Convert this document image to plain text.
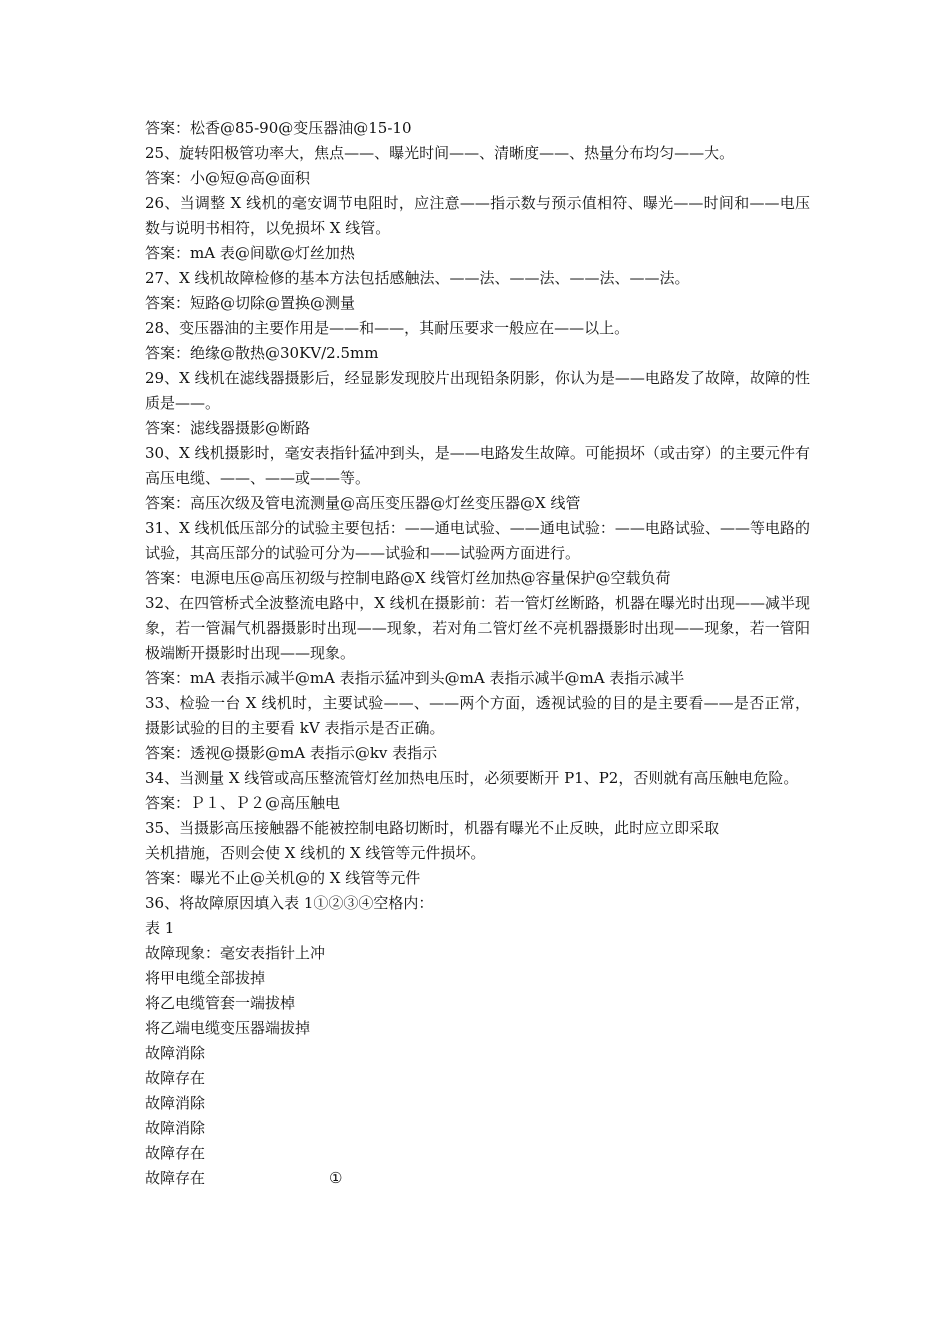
答案：松香@85-90@变压器油@15-10
25、旋转阳极管功率大，焦点——、曝光时间——、清晰度——、热量分布均匀——大。
答案：小@短@高@面积
26、当调整 X 线机的毫安调节电阻时，应注意——指示数与预示值相符、曝光——时间和——电压数与说明书相符，以免损坏 X 线管。
答案：mA 表@间歇@灯丝加热
27、X 线机故障检修的基本方法包括感触法、——法、——法、——法、——法。
答案：短路@切除@置换@测量
28、变压器油的主要作用是——和——，其耐压要求一般应在——以上。
答案：绝缘@散热@30KV/2.5mm
29、X 线机在滤线器摄影后，经显影发现胶片出现铅条阴影，你认为是——电路发了故障，故障的性质是——。
答案：滤线器摄影@断路
30、X 线机摄影时，毫安表指针猛冲到头，是——电路发生故障。可能损坏（或击穿）的主要元件有高压电缆、——、——或——等。
答案：高压次级及管电流测量@高压变压器@灯丝变压器@X 线管
31、X 线机低压部分的试验主要包括：——通电试验、——通电试验：——电路试验、——等电路的试验，其高压部分的试验可分为——试验和——试验两方面进行。
答案：电源电压@高压初级与控制电路@X 线管灯丝加热@容量保护@空载负荷
32、在四管桥式全波整流电路中，X 线机在摄影前：若一管灯丝断路，机器在曝光时出现——减半现象，若一管漏气机器摄影时出现——现象，若对角二管灯丝不亮机器摄影时出现——现象，若一管阳极端断开摄影时出现——现象。
答案：mA 表指示减半@mA 表指示猛冲到头@mA 表指示减半@mA 表指示减半
33、检验一台 X 线机时，主要试验——、——两个方面，透视试验的目的是主要看——是否正常，摄影试验的目的主要看 kV 表指示是否正确。
答案：透视@摄影@mA 表指示@kv 表指示
34、当测量 X 线管或高压整流管灯丝加热电压时，必须要断开 P1、P2，否则就有高压触电危险。
答案：Ｐ１、Ｐ２@高压触电
35、当摄影高压接触器不能被控制电路切断时，机器有曝光不止反映，此时应立即采取
关机措施，否则会使 X 线机的 X 线管等元件损坏。
答案：曝光不止@关机@的 X 线管等元件
36、将故障原因填入表 1①②③④空格内：
表 1
故障现象：毫安表指针上冲
将甲电缆全部拔掉
将乙电缆管套一端拔棹
将乙端电缆变压器端拔掉
故障消除
故障存在
故障消除
故障消除
故障存在
故障存在	①
